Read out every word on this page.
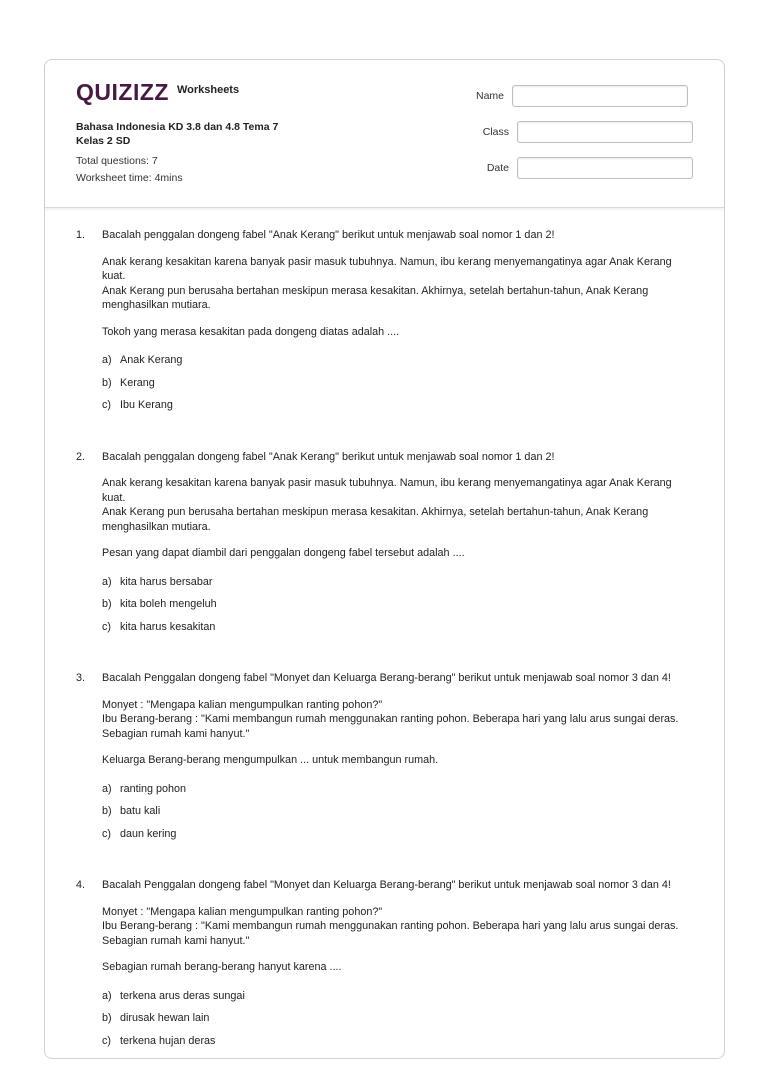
QUIZIZZ Worksheets
Bahasa Indonesia KD 3.8 dan 4.8 Tema 7
Kelas 2 SD
Total questions: 7
Worksheet time: 4mins
Name
Class
Date
1.	Bacalah penggalan dongeng fabel "Anak Kerang" berikut untuk menjawab soal nomor 1 dan 2!
Anak kerang kesakitan karena banyak pasir masuk tubuhnya. Namun, ibu kerang menyemangatinya agar Anak Kerang kuat.
Anak Kerang pun berusaha bertahan meskipun merasa kesakitan. Akhirnya, setelah bertahun-tahun, Anak Kerang menghasilkan mutiara.
Tokoh yang merasa kesakitan pada dongeng diatas adalah ....
a) Anak Kerang
b) Kerang
c) Ibu Kerang
2.	Bacalah penggalan dongeng fabel "Anak Kerang" berikut untuk menjawab soal nomor 1 dan 2!
Anak kerang kesakitan karena banyak pasir masuk tubuhnya. Namun, ibu kerang menyemangatinya agar Anak Kerang kuat.
Anak Kerang pun berusaha bertahan meskipun merasa kesakitan. Akhirnya, setelah bertahun-tahun, Anak Kerang menghasilkan mutiara.
Pesan yang dapat diambil dari penggalan dongeng fabel tersebut adalah ....
a) kita harus bersabar
b) kita boleh mengeluh
c) kita harus kesakitan
3.	Bacalah Penggalan dongeng fabel "Monyet dan Keluarga Berang-berang" berikut untuk menjawab soal nomor 3 dan 4!
Monyet : "Mengapa kalian mengumpulkan ranting pohon?"
Ibu Berang-berang : "Kami membangun rumah menggunakan ranting pohon. Beberapa hari yang lalu arus sungai deras. Sebagian rumah kami hanyut."
Keluarga Berang-berang mengumpulkan ... untuk membangun rumah.
a) ranting pohon
b) batu kali
c) daun kering
4.	Bacalah Penggalan dongeng fabel "Monyet dan Keluarga Berang-berang" berikut untuk menjawab soal nomor 3 dan 4!
Monyet : "Mengapa kalian mengumpulkan ranting pohon?"
Ibu Berang-berang : "Kami membangun rumah menggunakan ranting pohon. Beberapa hari yang lalu arus sungai deras. Sebagian rumah kami hanyut."
Sebagian rumah berang-berang hanyut karena ....
a) terkena arus deras sungai
b) dirusak hewan lain
c) terkena hujan deras
